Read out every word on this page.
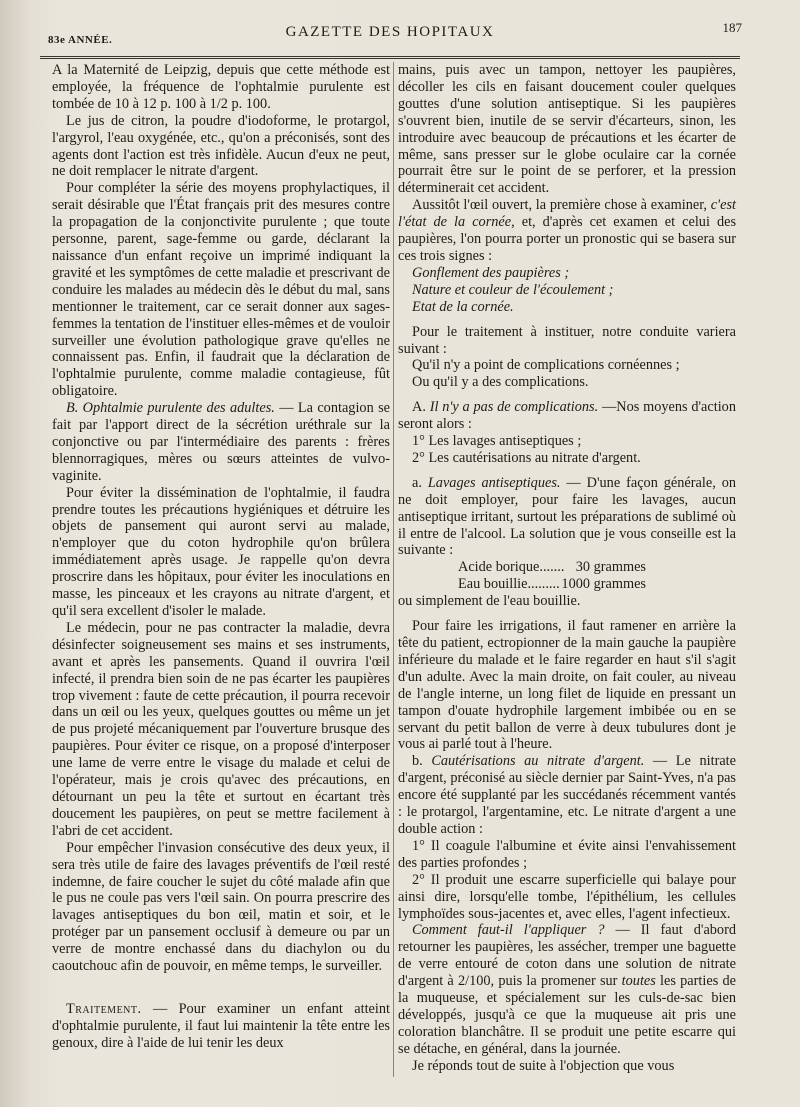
83e ANNÉE.	GAZETTE DES HOPITAUX	187

A la Maternité de Leipzig, depuis que cette méthode est employée, la fréquence de l'ophtalmie purulente est tombée de 10 à 12 p. 100 à 1/2 p. 100.

Le jus de citron, la poudre d'iodoforme, le protargol, l'argyrol, l'eau oxygénée, etc., qu'on a préconisés, sont des agents dont l'action est très infidèle. Aucun d'eux ne peut, ne doit remplacer le nitrate d'argent.

Pour compléter la série des moyens prophylactiques, il serait désirable que l'État français prit des mesures contre la propagation de la conjonctivite purulente ; que toute personne, parent, sage-femme ou garde, déclarant la naissance d'un enfant reçoive un imprimé indiquant la gravité et les symptômes de cette maladie et prescrivant de conduire les malades au médecin dès le début du mal, sans mentionner le traitement, car ce serait donner aux sages-femmes la tentation de l'instituer elles-mêmes et de vouloir surveiller une évolution pathologique grave qu'elles ne connaissent pas. Enfin, il faudrait que la déclaration de l'ophtalmie purulente, comme maladie contagieuse, fût obligatoire.

B. Ophtalmie purulente des adultes. — La contagion se fait par l'apport direct de la sécrétion uréthrale sur la conjonctive ou par l'intermédiaire des parents : frères blennorragiques, mères ou sœurs atteintes de vulvo-vaginite.

Pour éviter la dissémination de l'ophtalmie, il faudra prendre toutes les précautions hygiéniques et détruire les objets de pansement qui auront servi au malade, n'employer que du coton hydrophile qu'on brûlera immédiatement après usage. Je rappelle qu'on devra proscrire dans les hôpitaux, pour éviter les inoculations en masse, les pinceaux et les crayons au nitrate d'argent, et qu'il sera excellent d'isoler le malade.

Le médecin, pour ne pas contracter la maladie, devra désinfecter soigneusement ses mains et ses instruments, avant et après les pansements. Quand il ouvrira l'œil infecté, il prendra bien soin de ne pas écarter les paupières trop vivement : faute de cette précaution, il pourra recevoir dans un œil ou les yeux, quelques gouttes ou même un jet de pus projeté mécaniquement par l'ouverture brusque des paupières. Pour éviter ce risque, on a proposé d'interposer une lame de verre entre le visage du malade et celui de l'opérateur, mais je crois qu'avec des précautions, en détournant un peu la tête et surtout en écartant très doucement les paupières, on peut se mettre facilement à l'abri de cet accident.

Pour empêcher l'invasion consécutive des deux yeux, il sera très utile de faire des lavages préventifs de l'œil resté indemne, de faire coucher le sujet du côté malade afin que le pus ne coule pas vers l'œil sain. On pourra prescrire des lavages antiseptiques du bon œil, matin et soir, et le protéger par un pansement occlusif à demeure ou par un verre de montre enchassé dans du diachylon ou du caoutchouc afin de pouvoir, en même temps, le surveiller.

Traitement. — Pour examiner un enfant atteint d'ophtalmie purulente, il faut lui maintenir la tête entre les genoux, dire à l'aide de lui tenir les deux

mains, puis avec un tampon, nettoyer les paupières, décoller les cils en faisant doucement couler quelques gouttes d'une solution antiseptique. Si les paupières s'ouvrent bien, inutile de se servir d'écarteurs, sinon, les introduire avec beaucoup de précautions et les écarter de même, sans presser sur le globe oculaire car la cornée pourrait être sur le point de se perforer, et la pression déterminerait cet accident.

Aussitôt l'œil ouvert, la première chose à examiner, c'est l'état de la cornée, et, d'après cet examen et celui des paupières, l'on pourra porter un pronostic qui se basera sur ces trois signes :

Gonflement des paupières ;

Nature et couleur de l'écoulement ;

Etat de la cornée.

Pour le traitement à instituer, notre conduite variera suivant :

Qu'il n'y a point de complications cornéennes ;

Ou qu'il y a des complications.

A. Il n'y a pas de complications. —Nos moyens d'action seront alors :

1° Les lavages antiseptiques ;

2° Les cautérisations au nitrate d'argent.

a. Lavages antiseptiques. — D'une façon générale, on ne doit employer, pour faire les lavages, aucun antiseptique irritant, surtout les préparations de sublimé où il entre de l'alcool. La solution que je vous conseille est la suivante :

Acide borique....... 30 grammes
Eau bouillie......... 1000 grammes

ou simplement de l'eau bouillie.

Pour faire les irrigations, il faut ramener en arrière la tête du patient, ectropionner de la main gauche la paupière inférieure du malade et le faire regarder en haut s'il s'agit d'un adulte. Avec la main droite, on fait couler, au niveau de l'angle interne, un long filet de liquide en pressant un tampon d'ouate hydrophile largement imbibée ou en se servant du petit ballon de verre à deux tubulures dont je vous ai parlé tout à l'heure.

b. Cautérisations au nitrate d'argent. — Le nitrate d'argent, préconisé au siècle dernier par Saint-Yves, n'a pas encore été supplanté par les succédanés récemment vantés : le protargol, l'argentamine, etc. Le nitrate d'argent a une double action :

1° Il coagule l'albumine et évite ainsi l'envahissement des parties profondes ;

2° Il produit une escarre superficielle qui balaye pour ainsi dire, lorsqu'elle tombe, l'épithélium, les cellules lymphoïdes sous-jacentes et, avec elles, l'agent infectieux.

Comment faut-il l'appliquer ? — Il faut d'abord retourner les paupières, les assécher, tremper une baguette de verre entouré de coton dans une solution de nitrate d'argent à 2/100, puis la promener sur toutes les parties de la muqueuse, et spécialement sur les culs-de-sac bien développés, jusqu'à ce que la muqueuse ait pris une coloration blanchâtre. Il se produit une petite escarre qui se détache, en général, dans la journée.

Je réponds tout de suite à l'objection que vous
